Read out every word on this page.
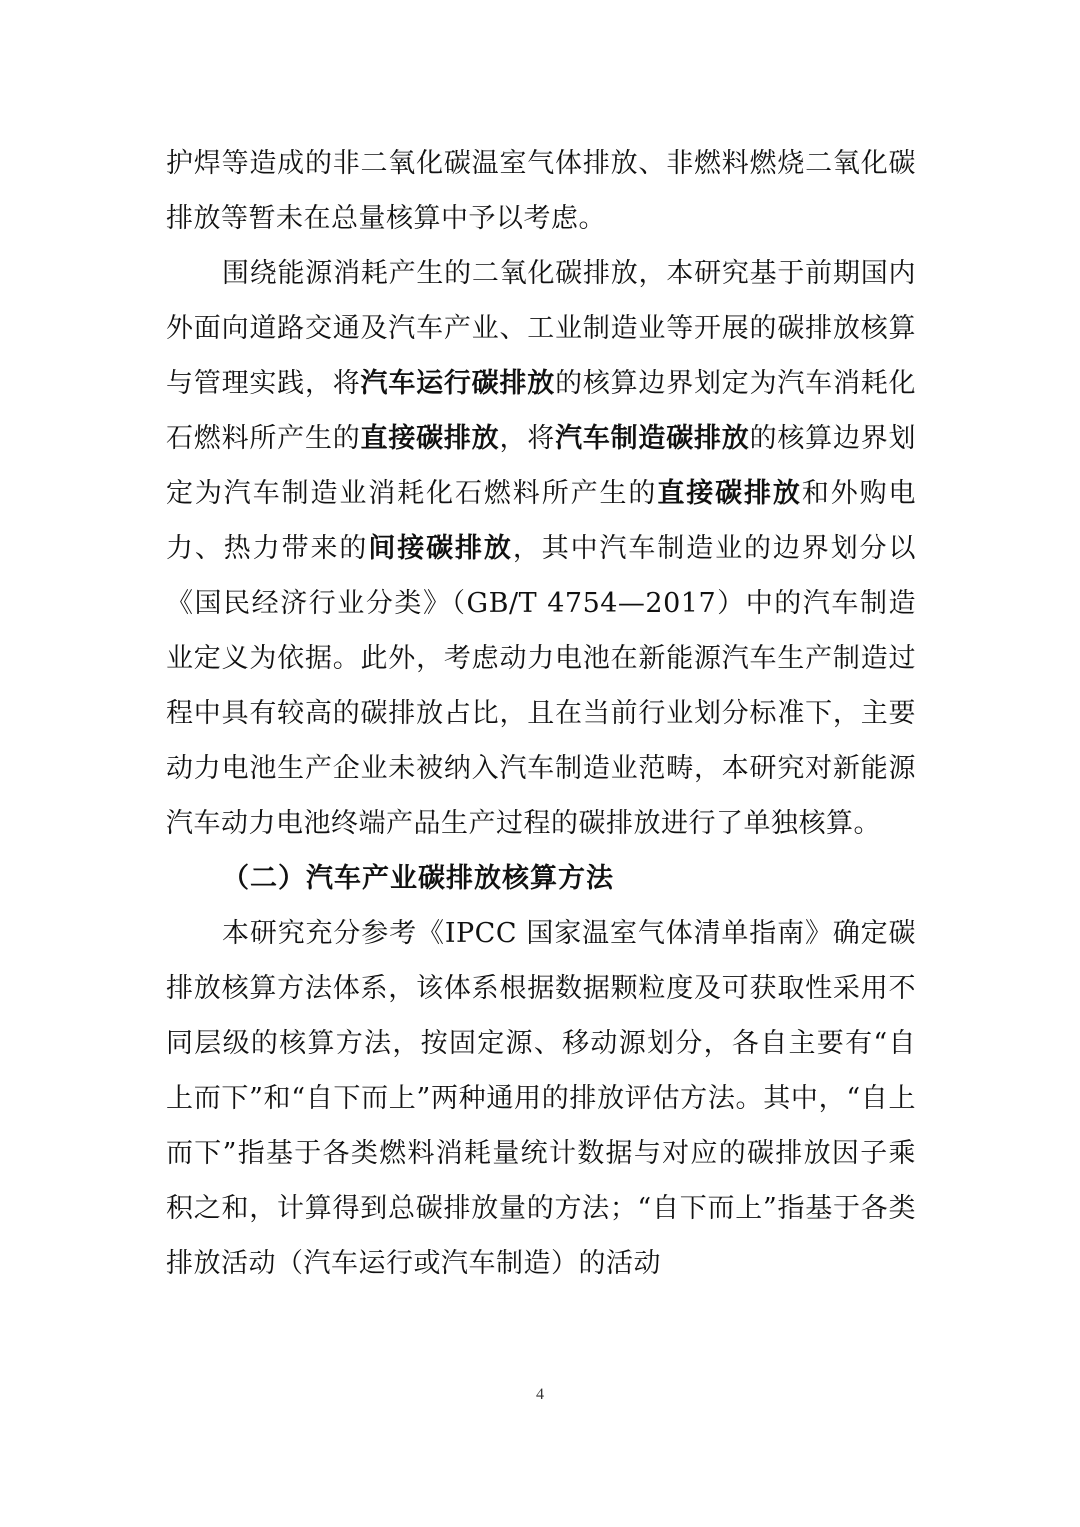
护焊等造成的非二氧化碳温室气体排放、非燃料燃烧二氧化碳排放等暂未在总量核算中予以考虑。

围绕能源消耗产生的二氧化碳排放，本研究基于前期国内外面向道路交通及汽车产业、工业制造业等开展的碳排放核算与管理实践，将汽车运行碳排放的核算边界划定为汽车消耗化石燃料所产生的直接碳排放，将汽车制造碳排放的核算边界划定为汽车制造业消耗化石燃料所产生的直接碳排放和外购电力、热力带来的间接碳排放，其中汽车制造业的边界划分以《国民经济行业分类》（GB/T 4754—2017）中的汽车制造业定义为依据。此外，考虑动力电池在新能源汽车生产制造过程中具有较高的碳排放占比，且在当前行业划分标准下，主要动力电池生产企业未被纳入汽车制造业范畴，本研究对新能源汽车动力电池终端产品生产过程的碳排放进行了单独核算。

（二）汽车产业碳排放核算方法

本研究充分参考《IPCC 国家温室气体清单指南》确定碳排放核算方法体系，该体系根据数据颗粒度及可获取性采用不同层级的核算方法，按固定源、移动源划分，各自主要有“自上而下”和“自下而上”两种通用的排放评估方法。其中，“自上而下”指基于各类燃料消耗量统计数据与对应的碳排放因子乘积之和，计算得到总碳排放量的方法；“自下而上”指基于各类排放活动（汽车运行或汽车制造）的活动

4
